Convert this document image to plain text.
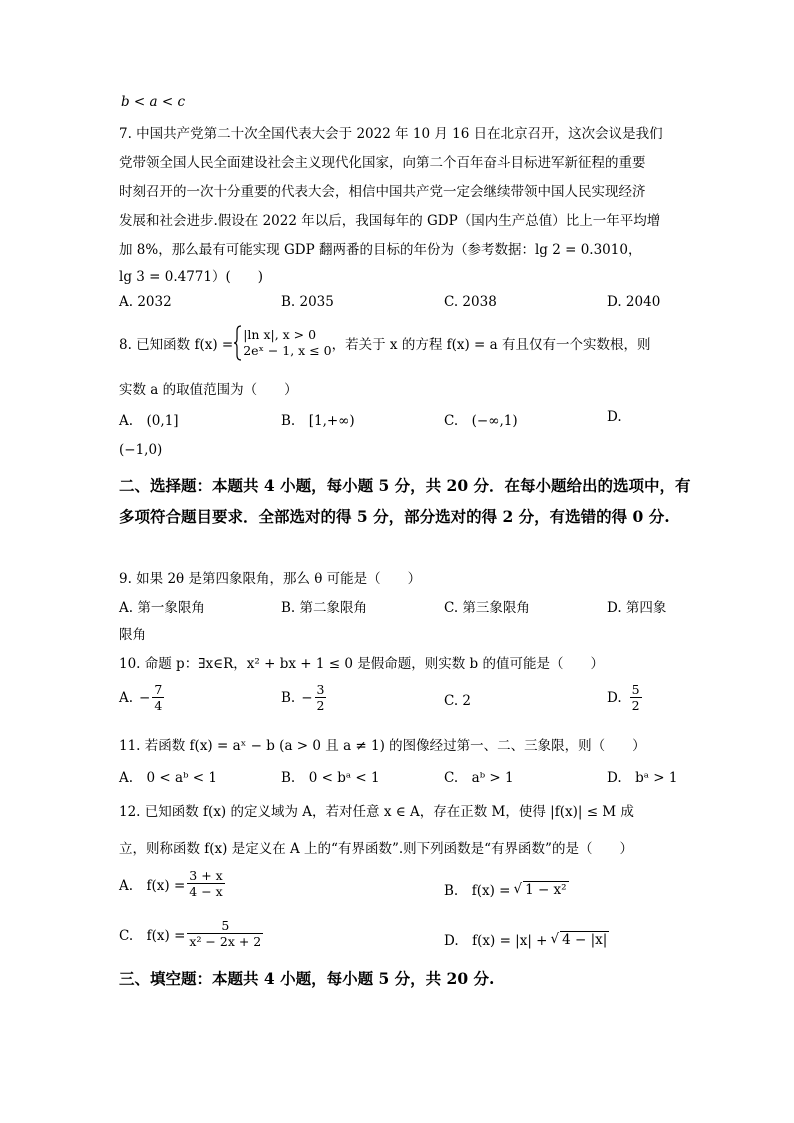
b < a < c
7. 中国共产党第二十次全国代表大会于 2022 年 10 月 16 日在北京召开，这次会议是我们
党带领全国人民全面建设社会主义现代化国家，向第二个百年奋斗目标进军新征程的重要
时刻召开的一次十分重要的代表大会，相信中国共产党一定会继续带领中国人民实现经济
发展和社会进步.假设在 2022 年以后，我国每年的 GDP（国内生产总值）比上一年平均增
加 8%，那么最有可能实现 GDP 翻两番的目标的年份为（参考数据：lg 2 = 0.3010，
lg 3 = 0.4771）(　　)
A. 2032	B. 2035	C. 2038	D. 2040
8. 已知函数 f(x) =
|ln x|, x > 0
2eˣ − 1, x ≤ 0 ，若关于 x 的方程 f(x) = a 有且仅有一个实数根，则
实数 a 的取值范围为（　　）
A.　(0,1]	B.　[1,+∞)	C.　(−∞,1)	D.
(−1,0)
二、选择题：本题共 4 小题，每小题 5 分，共 20 分．在每小题给出的选项中，有多项符合题目要求．全部选对的得 5 分，部分选对的得 2 分，有选错的得 0 分.
9. 如果 2θ 是第四象限角，那么 θ 可能是（　　）
A. 第一象限角	B. 第二象限角	C. 第三象限角	D. 第四象
限角
10. 命题 p：∃x∈R，x² + bx + 1 ≤ 0 是假命题，则实数 b 的值可能是（　　）
A. − $\frac{7}{4}$	B. − $\frac{3}{2}$	C. 2	D. $\frac{5}{2}$
11. 若函数 f(x) = aˣ − b (a > 0 且 a ≠ 1) 的图像经过第一、二、三象限，则（　　）
A.　0 < aᵇ < 1	B.　0 < bᵃ < 1	C.　aᵇ > 1	D.　bᵃ > 1
12. 已知函数 f(x) 的定义域为 A，若对任意 x ∈ A，存在正数 M，使得 |f(x)| ≤ M 成
立，则称函数 f(x) 是定义在 A 上的“有界函数”.则下列函数是“有界函数”的是（　　）
A.　$f(x) = \frac{3 + x}{4 - x}$	B.　f(x) = √ 1 − x²
C.　$f(x) = \frac{5}{\text{x² − 2x + 2}}$	D.　f(x) = |x| + √ 4 − |x|
三、填空题：本题共 4 小题，每小题 5 分，共 20 分.
